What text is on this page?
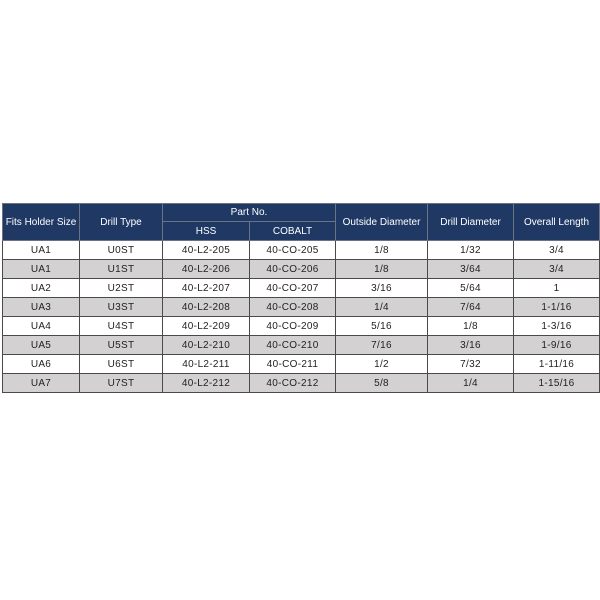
Fits Holder Size	Drill Type	Part No.		Outside Diameter	Drill Diameter	Overall Length
		HSS	COBALT			
UA1	U0ST	40-L2-205	40-CO-205	1/8	1/32	3/4
UA1	U1ST	40-L2-206	40-CO-206	1/8	3/64	3/4
UA2	U2ST	40-L2-207	40-CO-207	3/16	5/64	1
UA3	U3ST	40-L2-208	40-CO-208	1/4	7/64	1-1/16
UA4	U4ST	40-L2-209	40-CO-209	5/16	1/8	1-3/16
UA5	U5ST	40-L2-210	40-CO-210	7/16	3/16	1-9/16
UA6	U6ST	40-L2-211	40-CO-211	1/2	7/32	1-11/16
UA7	U7ST	40-L2-212	40-CO-212	5/8	1/4	1-15/16
